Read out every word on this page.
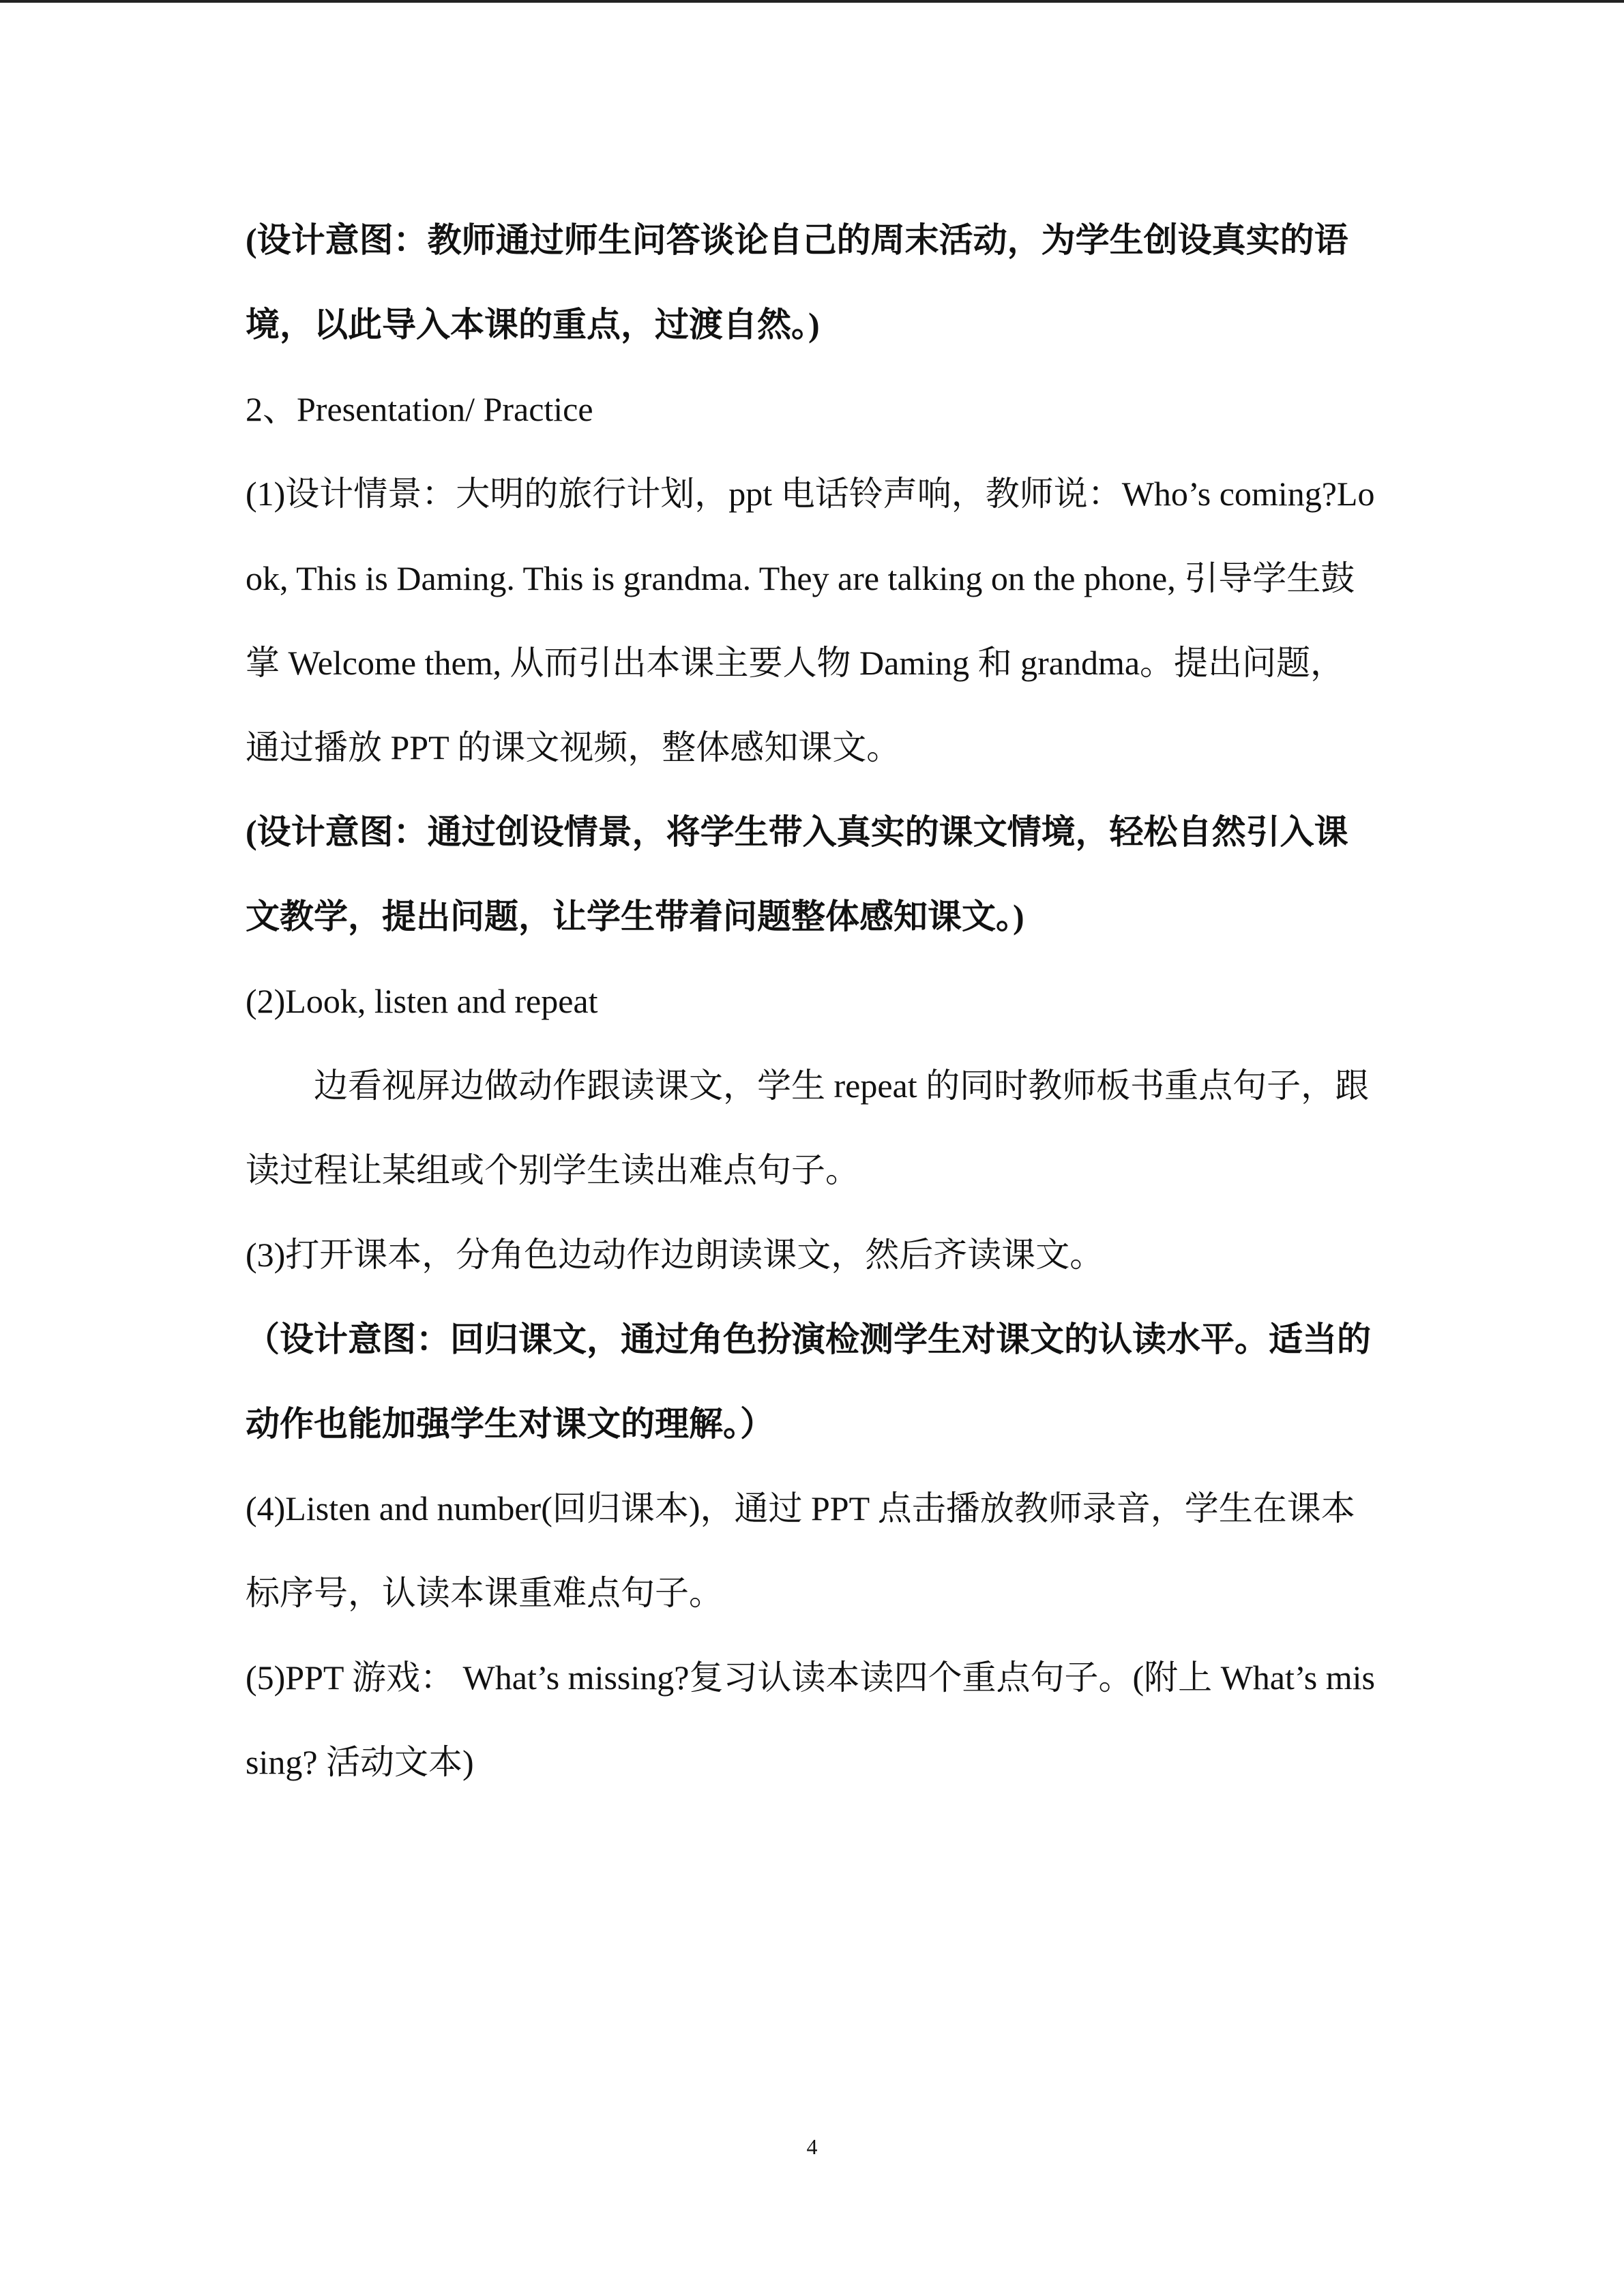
(设计意图：教师通过师生问答谈论自己的周末活动，为学生创设真实的语境，以此导入本课的重点，过渡自然。)

2、Presentation/ Practice

(1)设计情景：大明的旅行计划，ppt 电话铃声响，教师说：Who’s coming?Look, This is Daming. This is grandma. They are talking on the phone, 引导学生鼓掌 Welcome them, 从而引出本课主要人物 Daming 和 grandma。提出问题，通过播放 PPT 的课文视频，整体感知课文。

(设计意图：通过创设情景，将学生带入真实的课文情境，轻松自然引入课文教学，提出问题，让学生带着问题整体感知课文。)

(2)Look, listen and repeat

边看视屏边做动作跟读课文，学生 repeat 的同时教师板书重点句子，跟读过程让某组或个别学生读出难点句子。

(3)打开课本，分角色边动作边朗读课文，然后齐读课文。

（设计意图：回归课文，通过角色扮演检测学生对课文的认读水平。适当的动作也能加强学生对课文的理解。）

(4)Listen and number(回归课本)，通过 PPT 点击播放教师录音，学生在课本标序号，认读本课重难点句子。

(5)PPT 游戏： What’s missing?复习认读本读四个重点句子。(附上 What’s missing? 活动文本)

4
